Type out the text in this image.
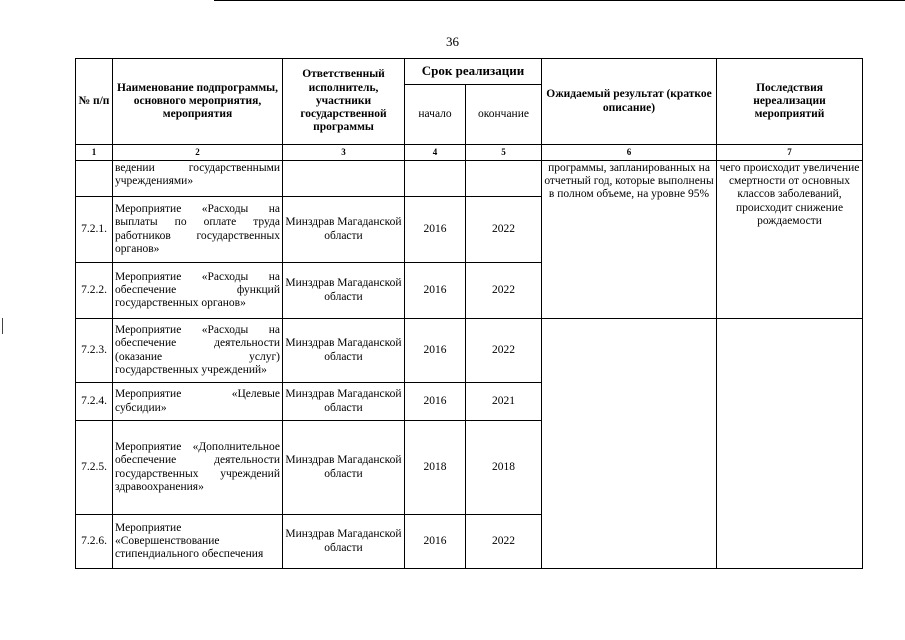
36
№ п/п	Наименование подпрограммы, основного мероприятия, мероприятия	Ответственный исполнитель, участники государственной программы	Срок реализации		Ожидаемый результат (краткое описание)	Последствия нереализации мероприятий
			начало	окончание		
1	2	3	4	5	6	7
	ведении государственными учреждениями»				программы, запланированных на отчетный год, которые выполнены в полном объеме, на уровне 95%	чего происходит увеличение смертности от основных классов заболеваний, происходит снижение рождаемости
7.2.1.	Мероприятие «Расходы на выплаты по оплате труда работников государственных органов»	Минздрав Магаданской области	2016	2022		
7.2.2.	Мероприятие «Расходы на обеспечение функций государственных органов»	Минздрав Магаданской области	2016	2022		
7.2.3.	Мероприятие «Расходы на обеспечение деятельности (оказание услуг) государственных учреждений»	Минздрав Магаданской области	2016	2022		
7.2.4.	Мероприятие «Целевые субсидии»	Минздрав Магаданской области	2016	2021		
7.2.5.	Мероприятие «Дополнительное обеспечение деятельности государственных учреждений здравоохранения»	Минздрав Магаданской области	2018	2018		
7.2.6.	Мероприятие «Совершенствование стипендиального обеспечения	Минздрав Магаданской области	2016	2022		
